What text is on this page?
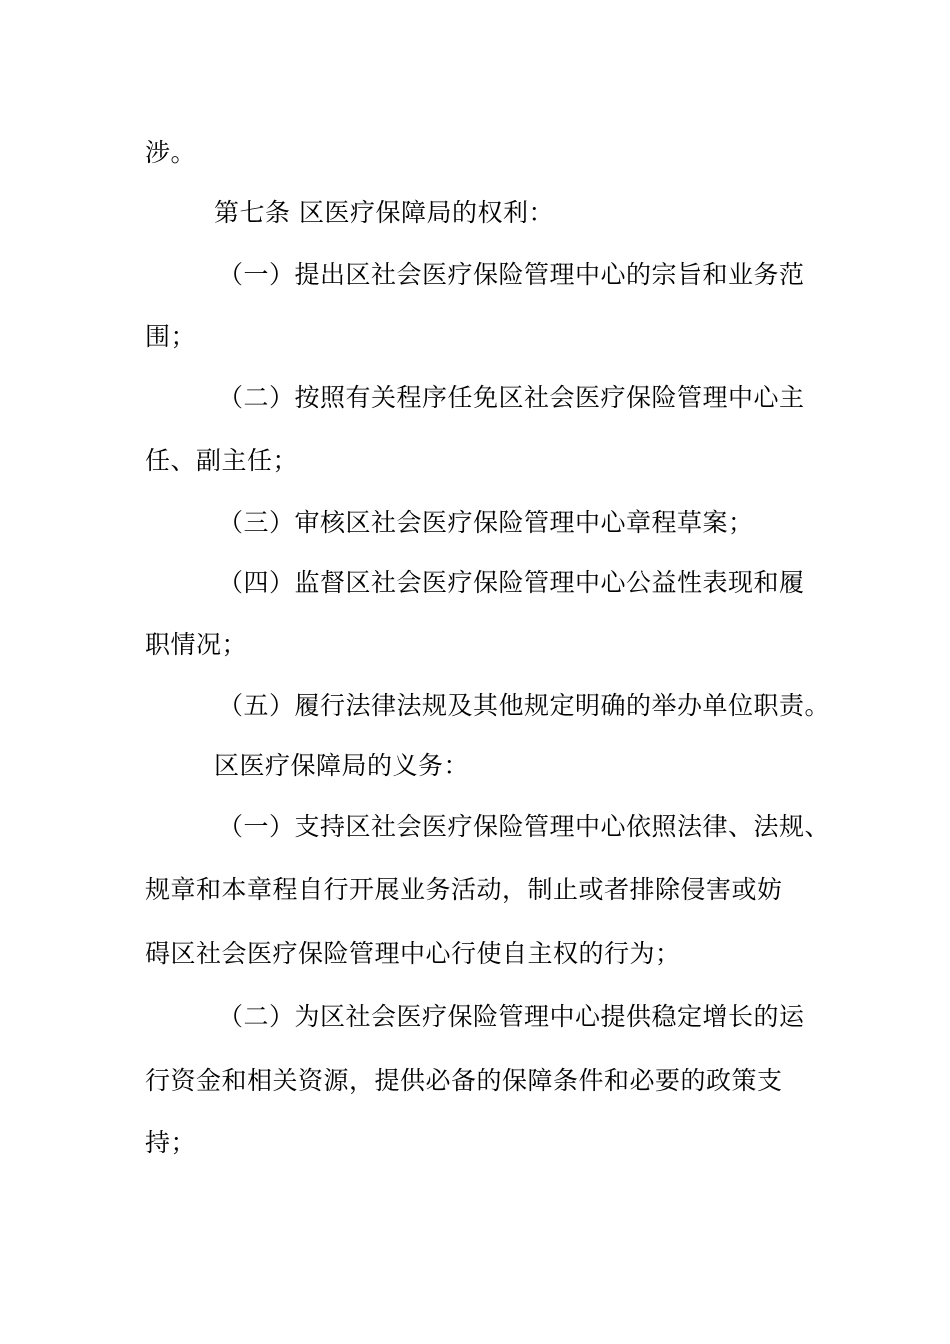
涉。
第七条 区医疗保障局的权利：
（一）提出区社会医疗保险管理中心的宗旨和业务范
围；
（二）按照有关程序任免区社会医疗保险管理中心主
任、副主任；
（三）审核区社会医疗保险管理中心章程草案；
（四）监督区社会医疗保险管理中心公益性表现和履
职情况；
（五）履行法律法规及其他规定明确的举办单位职责。
区医疗保障局的义务：
（一）支持区社会医疗保险管理中心依照法律、法规、
规章和本章程自行开展业务活动，制止或者排除侵害或妨
碍区社会医疗保险管理中心行使自主权的行为；
（二）为区社会医疗保险管理中心提供稳定增长的运
行资金和相关资源，提供必备的保障条件和必要的政策支
持；
